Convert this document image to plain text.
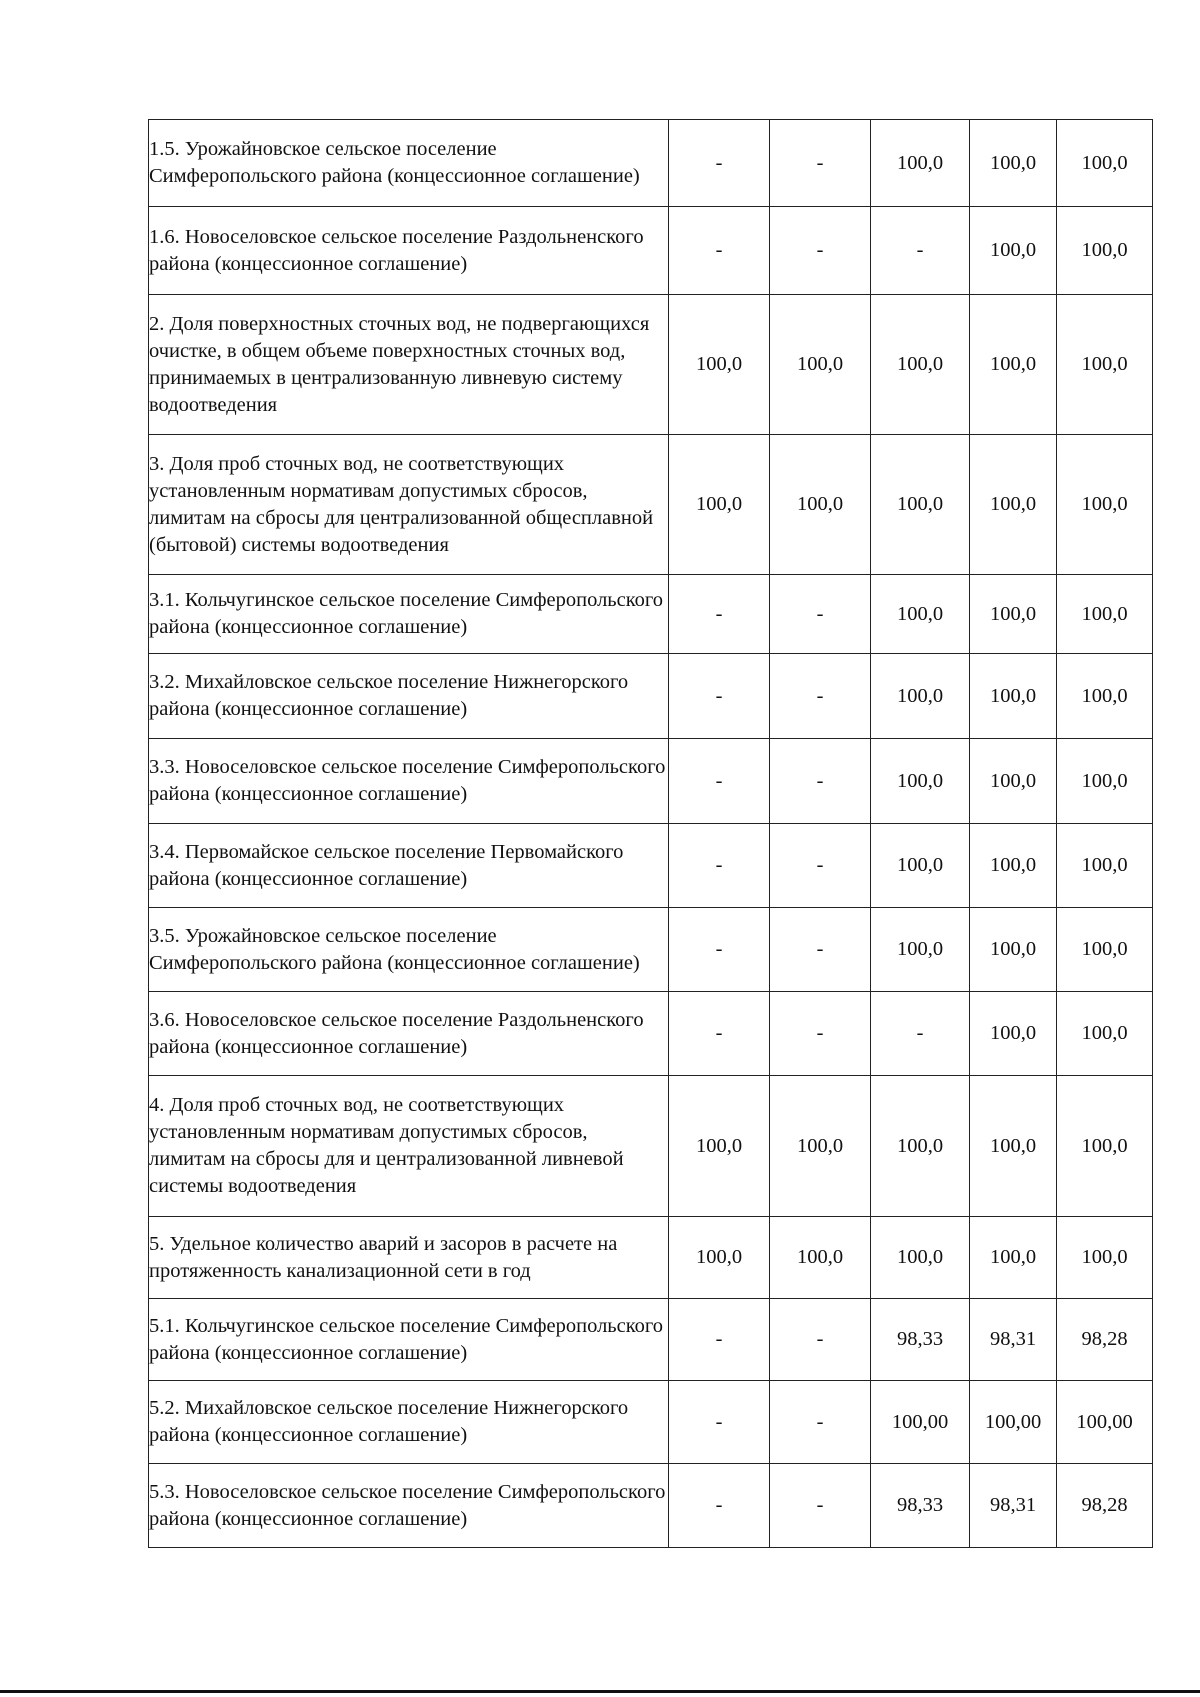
1.5. Урожайновское сельское поселение Симферопольского района (концессионное соглашение)	-	-	100,0	100,0	100,0
1.6. Новоселовское сельское поселение Раздольненского района (концессионное соглашение)	-	-	-	100,0	100,0
2. Доля поверхностных сточных вод, не подвергающихся очистке, в общем объеме поверхностных сточных вод, принимаемых в централизованную ливневую систему водоотведения	100,0	100,0	100,0	100,0	100,0
3. Доля проб сточных вод, не соответствующих установленным нормативам допустимых сбросов, лимитам на сбросы для централизованной общесплавной (бытовой) системы водоотведения	100,0	100,0	100,0	100,0	100,0
3.1. Кольчугинское сельское поселение Симферопольского района (концессионное соглашение)	-	-	100,0	100,0	100,0
3.2. Михайловское сельское поселение Нижнегорского района (концессионное соглашение)	-	-	100,0	100,0	100,0
3.3. Новоселовское сельское поселение Симферопольского района (концессионное соглашение)	-	-	100,0	100,0	100,0
3.4. Первомайское сельское поселение Первомайского района (концессионное соглашение)	-	-	100,0	100,0	100,0
3.5. Урожайновское сельское поселение Симферопольского района (концессионное соглашение)	-	-	100,0	100,0	100,0
3.6. Новоселовское сельское поселение Раздольненского района (концессионное соглашение)	-	-	-	100,0	100,0
4. Доля проб сточных вод, не соответствующих установленным нормативам допустимых сбросов, лимитам на сбросы для и централизованной ливневой системы водоотведения	100,0	100,0	100,0	100,0	100,0
5. Удельное количество аварий и засоров в расчете на протяженность канализационной сети в год	100,0	100,0	100,0	100,0	100,0
5.1. Кольчугинское сельское поселение Симферопольского района (концессионное соглашение)	-	-	98,33	98,31	98,28
5.2. Михайловское сельское поселение Нижнегорского района (концессионное соглашение)	-	-	100,00	100,00	100,00
5.3. Новоселовское сельское поселение Симферопольского района (концессионное соглашение)	-	-	98,33	98,31	98,28
